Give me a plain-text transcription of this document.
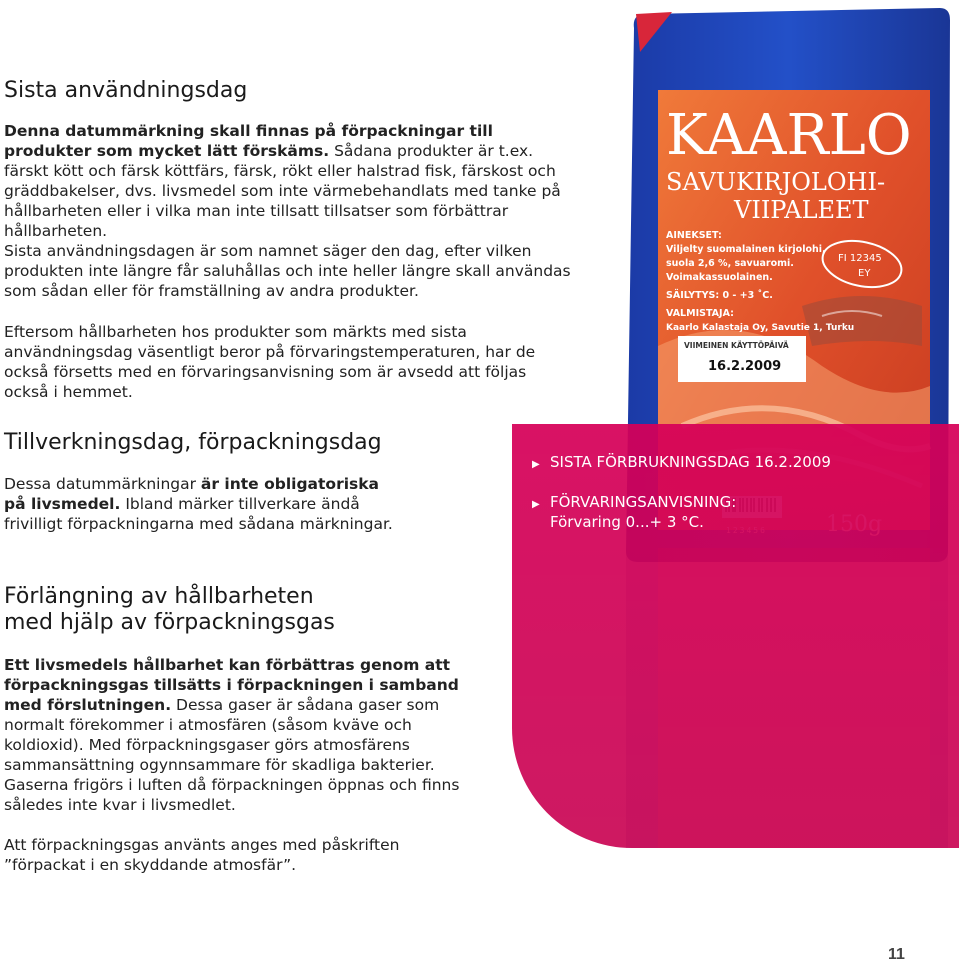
KAARLO
SAVUKIRJOLOHI-
VIIPALEET
AINEKSET:
Viljelty suomalainen kirjolohi,
suola 2,6 %, savuaromi.
Voimakassuolainen.
SÄILYTYS: 0 - +3 ˚C.
VALMISTAJA:
Kaarlo Kalastaja Oy, Savutie 1, Turku
FI 12345
EY
VIIMEINEN KÄYTTÖPÄIVÄ
16.2.2009
▶ SISTA FÖRBRUKNINGSDAG 16.2.2009
▶ FÖRVARINGSANVISNING:
Förvaring 0...+ 3 °C.
Sista användningsdag

Denna datummärkning skall finnas på förpackningar till produkter som mycket lätt förskäms. Sådana produkter är t.ex. färskt kött och färsk köttfärs, färsk, rökt eller halstrad fisk, färskost och gräddbakelser, dvs. livsmedel som inte värmebehandlats med tanke på hållbarheten eller i vilka man inte tillsatt tillsatser som förbättrar hållbarheten.

Sista användningsdagen är som namnet säger den dag, efter vilken produkten inte längre får saluhållas och inte heller längre skall användas som sådan eller för framställning av andra produkter.

Eftersom hållbarheten hos produkter som märkts med sista användningsdag väsentligt beror på förvaringstemperaturen, har de också försetts med en förvaringsanvisning som är avsedd att följas också i hemmet.

Tillverkningsdag, förpackningsdag

Dessa datummärkningar är inte obligatoriska på livsmedel. Ibland märker tillverkare ändå frivilligt förpackningarna med sådana märkningar.

Förlängning av hållbarheten
med hjälp av förpackningsgas

Ett livsmedels hållbarhet kan förbättras genom att förpackningsgas tillsätts i förpackningen i samband med förslutningen. Dessa gaser är sådana gaser som normalt förekommer i atmosfären (såsom kväve och koldioxid). Med förpackningsgaser görs atmosfärens sammansättning ogynnsammare för skadliga bakterier. Gaserna frigörs i luften då förpackningen öppnas och finns således inte kvar i livsmedlet.

Att förpackningsgas använts anges med påskriften ”förpackat i en skyddande atmosfär”.

11
